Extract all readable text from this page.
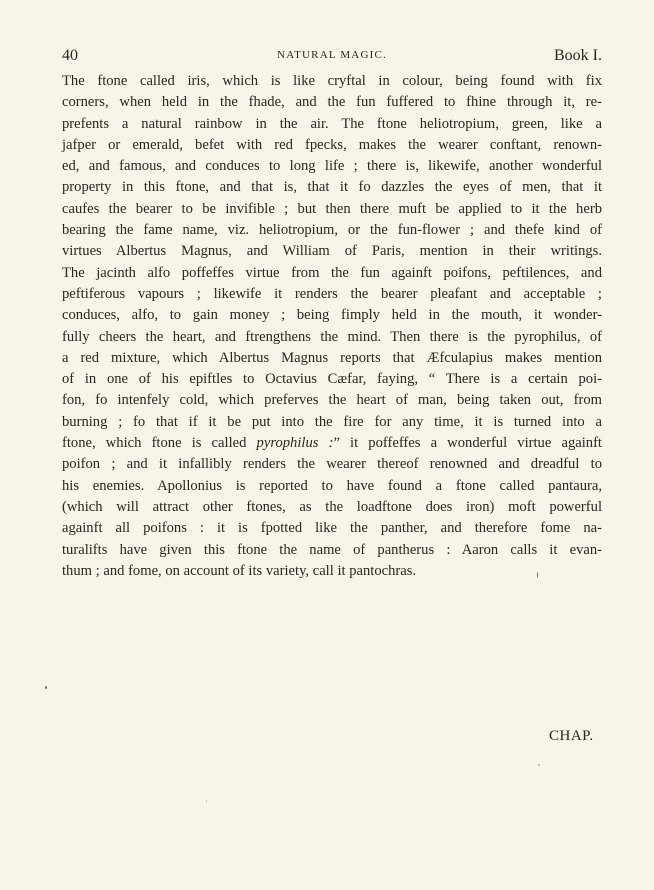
40	NATURAL MAGIC.	Book I.
The ftone called iris, which is like cryftal in colour, being found with fix
corners, when held in the fhade, and the fun fuffered to fhine through it, re-
prefents a natural rainbow in the air. The ftone heliotropium, green, like a
jafper or emerald, befet with red fpecks, makes the wearer conftant, renown-
ed, and famous, and conduces to long life ; there is, likewife, another wonderful
property in this ftone, and that is, that it fo dazzles the eyes of men, that it
caufes the bearer to be invifible ; but then there muft be applied to it the herb
bearing the fame name, viz. heliotropium, or the fun-flower ; and thefe kind of
virtues Albertus Magnus, and William of Paris, mention in their writings.
The jacinth alfo poffeffes virtue from the fun againft poifons, peftilences, and
peftiferous vapours ; likewife it renders the bearer pleafant and acceptable ;
conduces, alfo, to gain money ; being fimply held in the mouth, it wonder-
fully cheers the heart, and ftrengthens the mind. Then there is the pyrophilus, of
a red mixture, which Albertus Magnus reports that Æfculapius makes mention
of in one of his epiftles to Octavius Cæfar, faying, “ There is a certain poi-
fon, fo intenfely cold, which preferves the heart of man, being taken out, from
burning ; fo that if it be put into the fire for any time, it is turned into a
ftone, which ftone is called pyrophilus :” it poffeffes a wonderful virtue againft
poifon ; and it infallibly renders the wearer thereof renowned and dreadful to
his enemies. Apollonius is reported to have found a ftone called pantaura,
(which will attract other ftones, as the loadftone does iron) moft powerful
againft all poifons : it is fpotted like the panther, and therefore fome na-
turalifts have given this ftone the name of pantherus : Aaron calls it evan-
thum ; and fome, on account of its variety, call it pantochras.
CHAP.
